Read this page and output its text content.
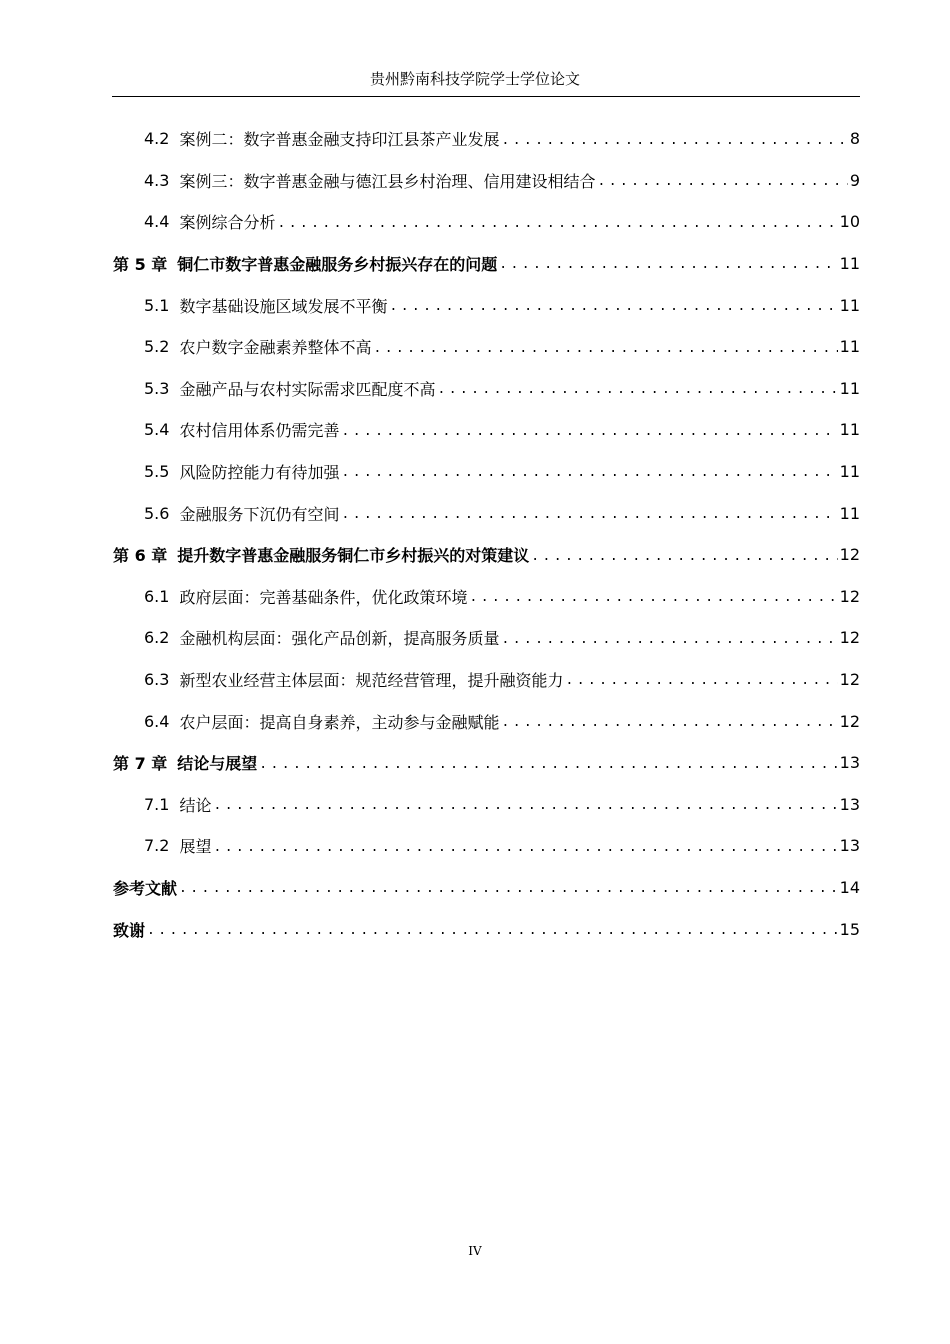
贵州黔南科技学院学士学位论文
4.2 案例二：数字普惠金融支持印江县茶产业发展 .....	8
4.3 案例三：数字普惠金融与德江县乡村治理、信用建设相结合 .....	9
4.4 案例综合分析 .....	10
第 5 章 铜仁市数字普惠金融服务乡村振兴存在的问题 .....	11
5.1 数字基础设施区域发展不平衡 .....	11
5.2 农户数字金融素养整体不高 .....	11
5.3 金融产品与农村实际需求匹配度不高 .....	11
5.4 农村信用体系仍需完善 .....	11
5.5 风险防控能力有待加强 .....	11
5.6 金融服务下沉仍有空间 .....	11
第 6 章 提升数字普惠金融服务铜仁市乡村振兴的对策建议 .....	12
6.1 政府层面：完善基础条件，优化政策环境 .....	12
6.2 金融机构层面：强化产品创新，提高服务质量 .....	12
6.3 新型农业经营主体层面：规范经营管理，提升融资能力 .....	12
6.4 农户层面：提高自身素养，主动参与金融赋能 .....	12
第 7 章 结论与展望 .....	13
7.1 结论 .....	13
7.2 展望 .....	13
参考文献 .....	14
致谢 .....	15
IV
